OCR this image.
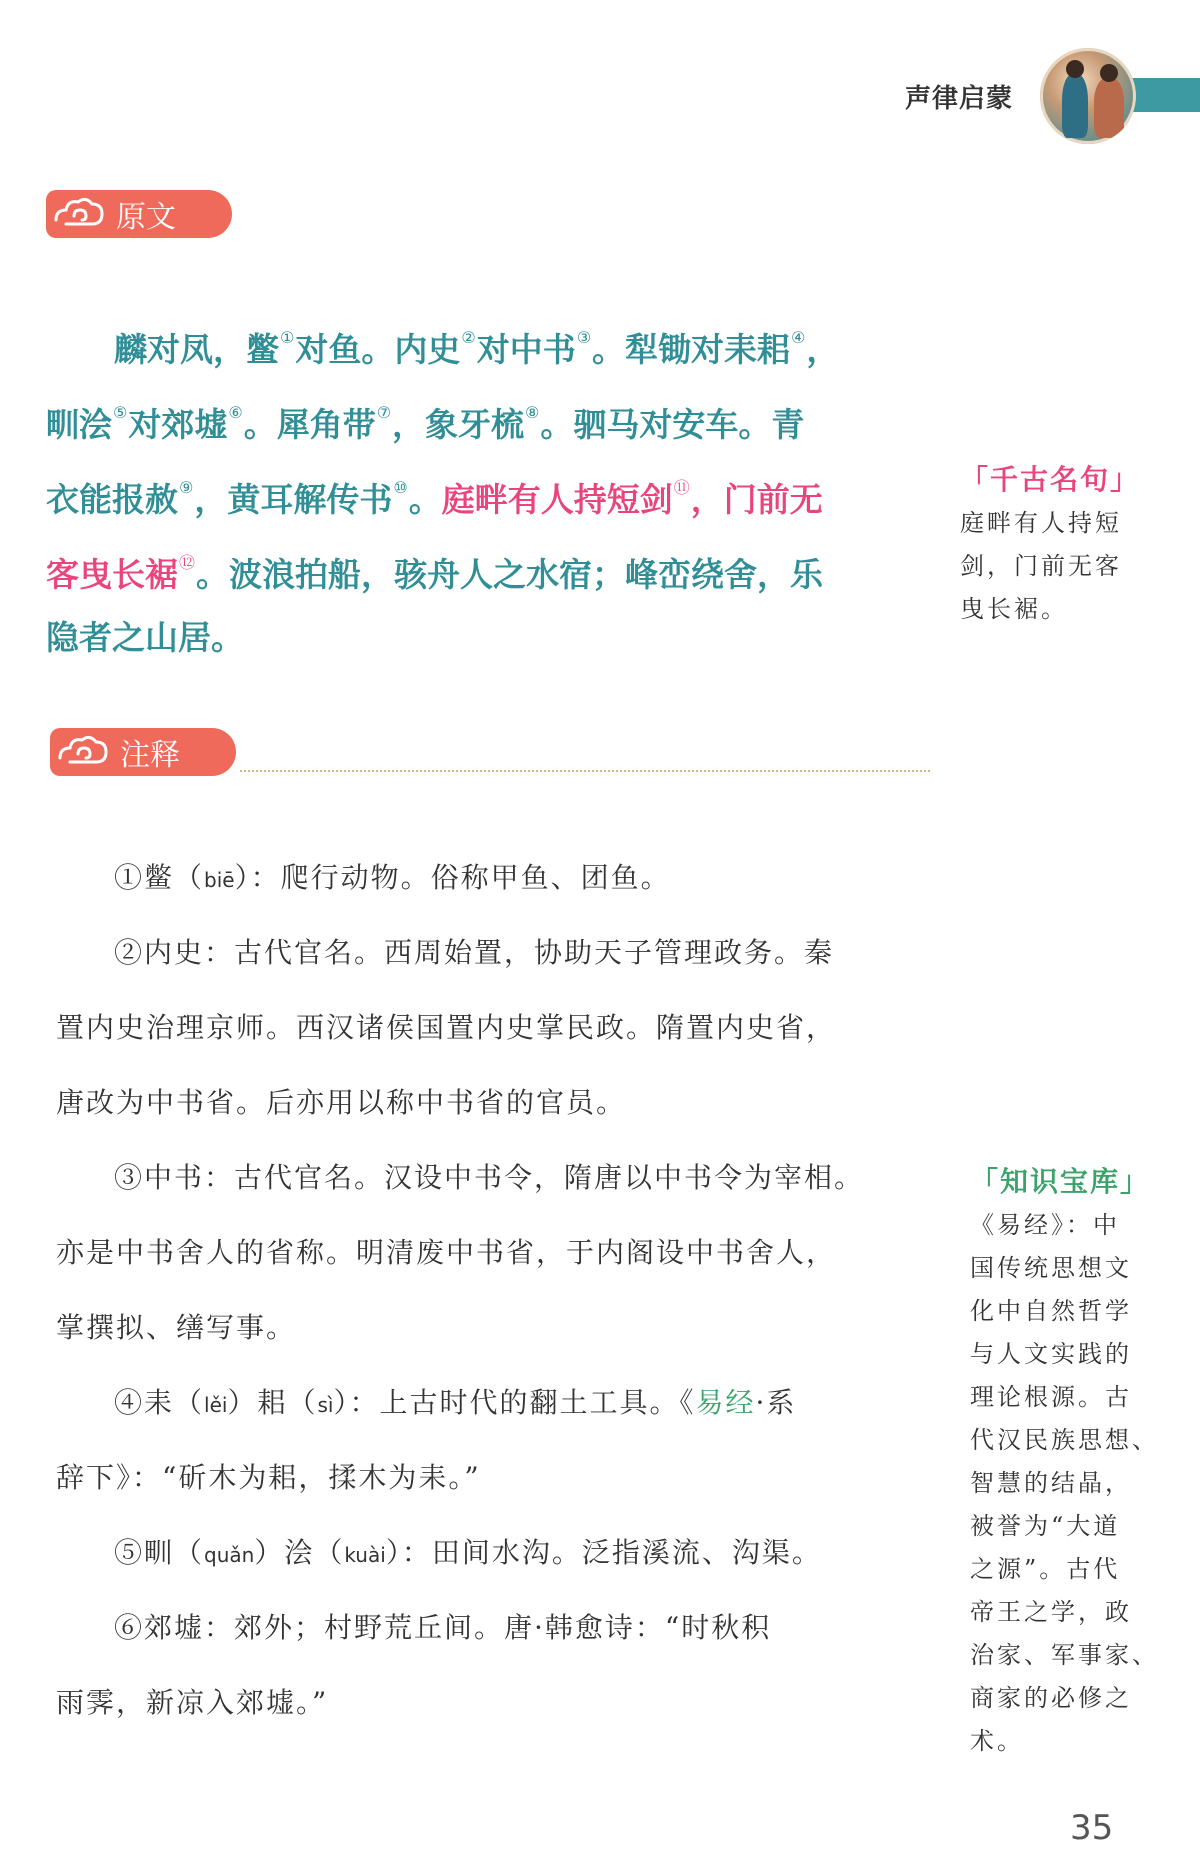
声律启蒙
原文
麟对凤，鳖①对鱼。内史②对中书③。犁锄对耒耜④，
甽浍⑤对郊墟⑥。犀角带⑦，象牙梳⑧。驷马对安车。青
衣能报赦⑨，黄耳解传书⑩。庭畔有人持短剑⑪，门前无
客曳长裾⑫。波浪拍船，骇舟人之水宿；峰峦绕舍，乐
隐者之山居。
「千古名句」
庭畔有人持短
剑，门前无客
曳长裾。
注释
①鳖（biē）：爬行动物。俗称甲鱼、团鱼。
②内史：古代官名。西周始置，协助天子管理政务。秦
置内史治理京师。西汉诸侯国置内史掌民政。隋置内史省，
唐改为中书省。后亦用以称中书省的官员。
③中书：古代官名。汉设中书令，隋唐以中书令为宰相。
亦是中书舍人的省称。明清废中书省，于内阁设中书舍人，
掌撰拟、缮写事。
④耒（lěi）耜（sì）：上古时代的翻土工具。《易经·系
辞下》：“斫木为耜，揉木为耒。”
⑤甽（quǎn）浍（kuài）：田间水沟。泛指溪流、沟渠。
⑥郊墟：郊外；村野荒丘间。唐·韩愈诗：“时秋积
雨霁，新凉入郊墟。”
「知识宝库」
《易经》：中
国传统思想文
化中自然哲学
与人文实践的
理论根源。古
代汉民族思想、
智慧的结晶，
被誉为“大道
之源”。古代
帝王之学，政
治家、军事家、
商家的必修之
术。
35
